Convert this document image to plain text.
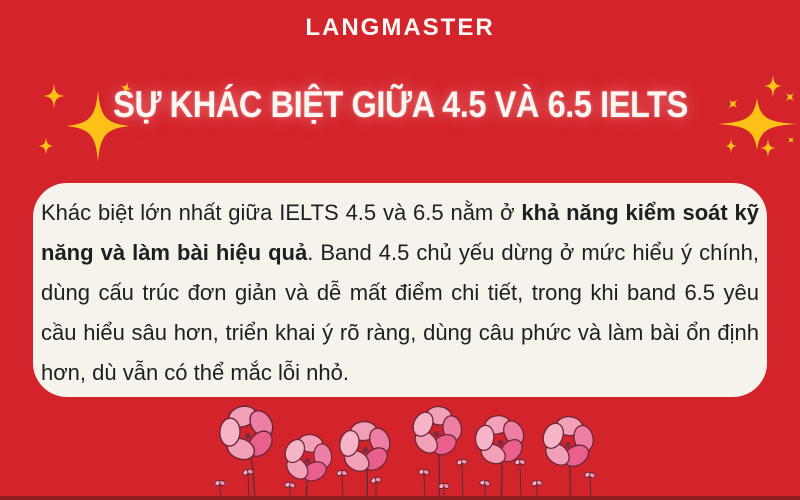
LANGMASTER
SỰ KHÁC BIỆT GIỮA 4.5 VÀ 6.5 IELTS

Khác biệt lớn nhất giữa IELTS 4.5 và 6.5 nằm ở khả năng kiểm soát kỹ năng và làm bài hiệu quả. Band 4.5 chủ yếu dừng ở mức hiểu ý chính, dùng cấu trúc đơn giản và dễ mất điểm chi tiết, trong khi band 6.5 yêu cầu hiểu sâu hơn, triển khai ý rõ ràng, dùng câu phức và làm bài ổn định hơn, dù vẫn có thể mắc lỗi nhỏ.
